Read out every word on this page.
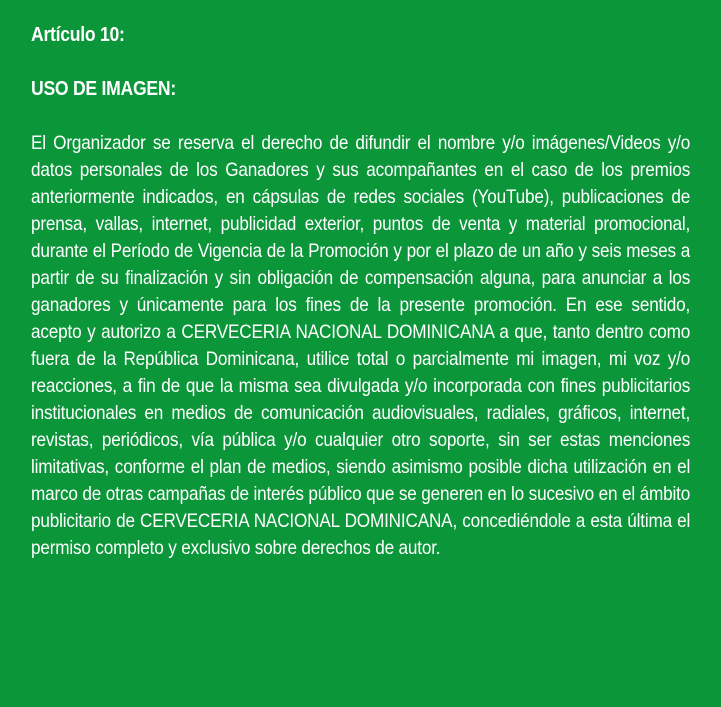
Artículo 10:
USO DE IMAGEN:

El Organizador se reserva el derecho de difundir el nombre y/o imágenes/Videos y/o datos personales de los Ganadores y sus acompañantes en el caso de los premios anteriormente indicados, en cápsulas de redes sociales (YouTube), publicaciones de prensa, vallas, internet, publicidad exterior, puntos de venta y material promocional, durante el Período de Vigencia de la Promoción y por el plazo de un año y seis meses a partir de su finalización y sin obligación de compensación alguna, para anunciar a los ganadores y únicamente para los fines de la presente promoción. En ese sentido, acepto y autorizo a CERVECERIA NACIONAL DOMINICANA a que, tanto dentro como fuera de la República Dominicana, utilice total o parcialmente mi imagen, mi voz y/o reacciones, a fin de que la misma sea divulgada y/o incorporada con fines publicitarios institucionales en medios de comunicación audiovisuales, radiales, gráficos, internet, revistas, periódicos, vía pública y/o cualquier otro soporte, sin ser estas menciones limitativas, conforme el plan de medios, siendo asimismo posible dicha utilización en el marco de otras campañas de interés público que se generen en lo sucesivo en el ámbito publicitario de CERVECERIA NACIONAL DOMINICANA, concediéndole a esta última el permiso completo y exclusivo sobre derechos de autor.
